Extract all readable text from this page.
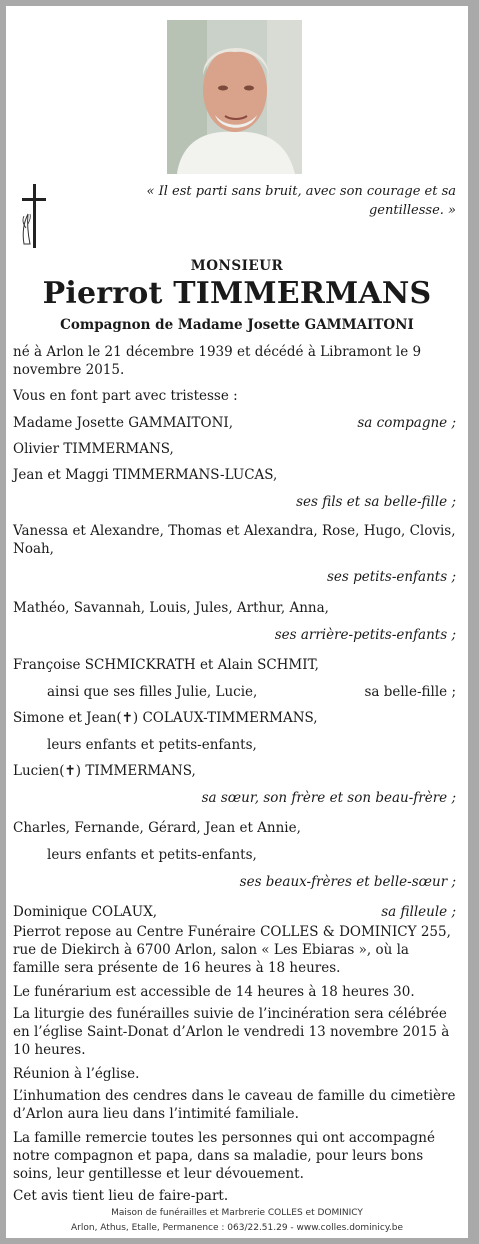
« Il est parti sans bruit, avec son courage et sa gentillesse. »
MONSIEUR
Pierrot TIMMERMANS
Compagnon de Madame Josette GAMMAITONI
né à Arlon le 21 décembre 1939 et décédé à Libramont le 9 novembre 2015.
Vous en font part avec tristesse :
Madame Josette GAMMAITONI,	sa compagne ;
Olivier TIMMERMANS,
Jean et Maggi TIMMERMANS-LUCAS,
ses fils et sa belle-fille ;
Vanessa et Alexandre, Thomas et Alexandra, Rose, Hugo, Clovis, Noah,
ses petits-enfants ;
Mathéo, Savannah, Louis, Jules, Arthur, Anna,
ses arrière-petits-enfants ;
Françoise SCHMICKRATH et Alain SCHMIT,
ainsi que ses filles Julie, Lucie,	sa belle-fille ;
Simone et Jean(✝) COLAUX-TIMMERMANS,
leurs enfants et petits-enfants,
Lucien(✝) TIMMERMANS,
sa sœur, son frère et son beau-frère ;
Charles, Fernande, Gérard, Jean et Annie,
leurs enfants et petits-enfants,
ses beaux-frères et belle-sœur ;
Dominique COLAUX,	sa filleule ;
Pierrot repose au Centre Funéraire COLLES & DOMINICY 255, rue de Diekirch à 6700 Arlon, salon « Les Ebiaras », où la famille sera présente de 16 heures à 18 heures.
Le funérarium est accessible de 14 heures à 18 heures 30.
La liturgie des funérailles suivie de l’incinération sera célébrée en l’église Saint-Donat d’Arlon le vendredi 13 novembre 2015 à 10 heures.
Réunion à l’église.
L’inhumation des cendres dans le caveau de famille du cimetière d’Arlon aura lieu dans l’intimité familiale.
La famille remercie toutes les personnes qui ont accompagné notre compagnon et papa, dans sa maladie, pour leurs bons soins, leur gentillesse et leur dévouement.
Cet avis tient lieu de faire-part.
Maison de funérailles et Marbrerie COLLES et DOMINICY
Arlon, Athus, Etalle, Permanence : 063/22.51.29 - www.colles.dominicy.be
